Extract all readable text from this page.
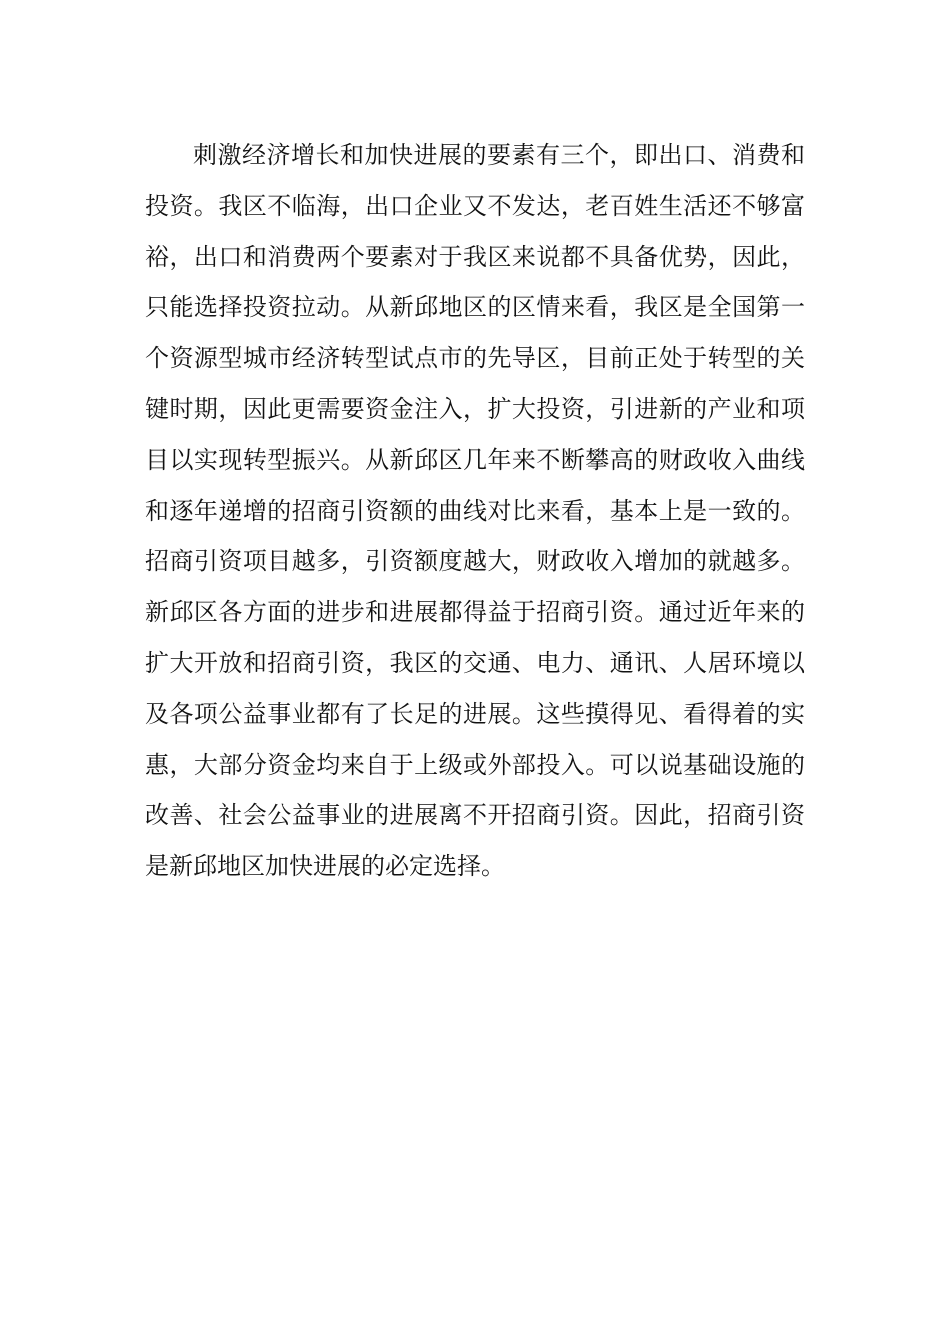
刺激经济增长和加快进展的要素有三个，即出口、消费和
投资。我区不临海，出口企业又不发达，老百姓生活还不够富
裕，出口和消费两个要素对于我区来说都不具备优势，因此，
只能选择投资拉动。从新邱地区的区情来看，我区是全国第一
个资源型城市经济转型试点市的先导区，目前正处于转型的关
键时期，因此更需要资金注入，扩大投资，引进新的产业和项
目以实现转型振兴。从新邱区几年来不断攀高的财政收入曲线
和逐年递增的招商引资额的曲线对比来看，基本上是一致的。
招商引资项目越多，引资额度越大，财政收入增加的就越多。
新邱区各方面的进步和进展都得益于招商引资。通过近年来的
扩大开放和招商引资，我区的交通、电力、通讯、人居环境以
及各项公益事业都有了长足的进展。这些摸得见、看得着的实
惠，大部分资金均来自于上级或外部投入。可以说基础设施的
改善、社会公益事业的进展离不开招商引资。因此，招商引资
是新邱地区加快进展的必定选择。
